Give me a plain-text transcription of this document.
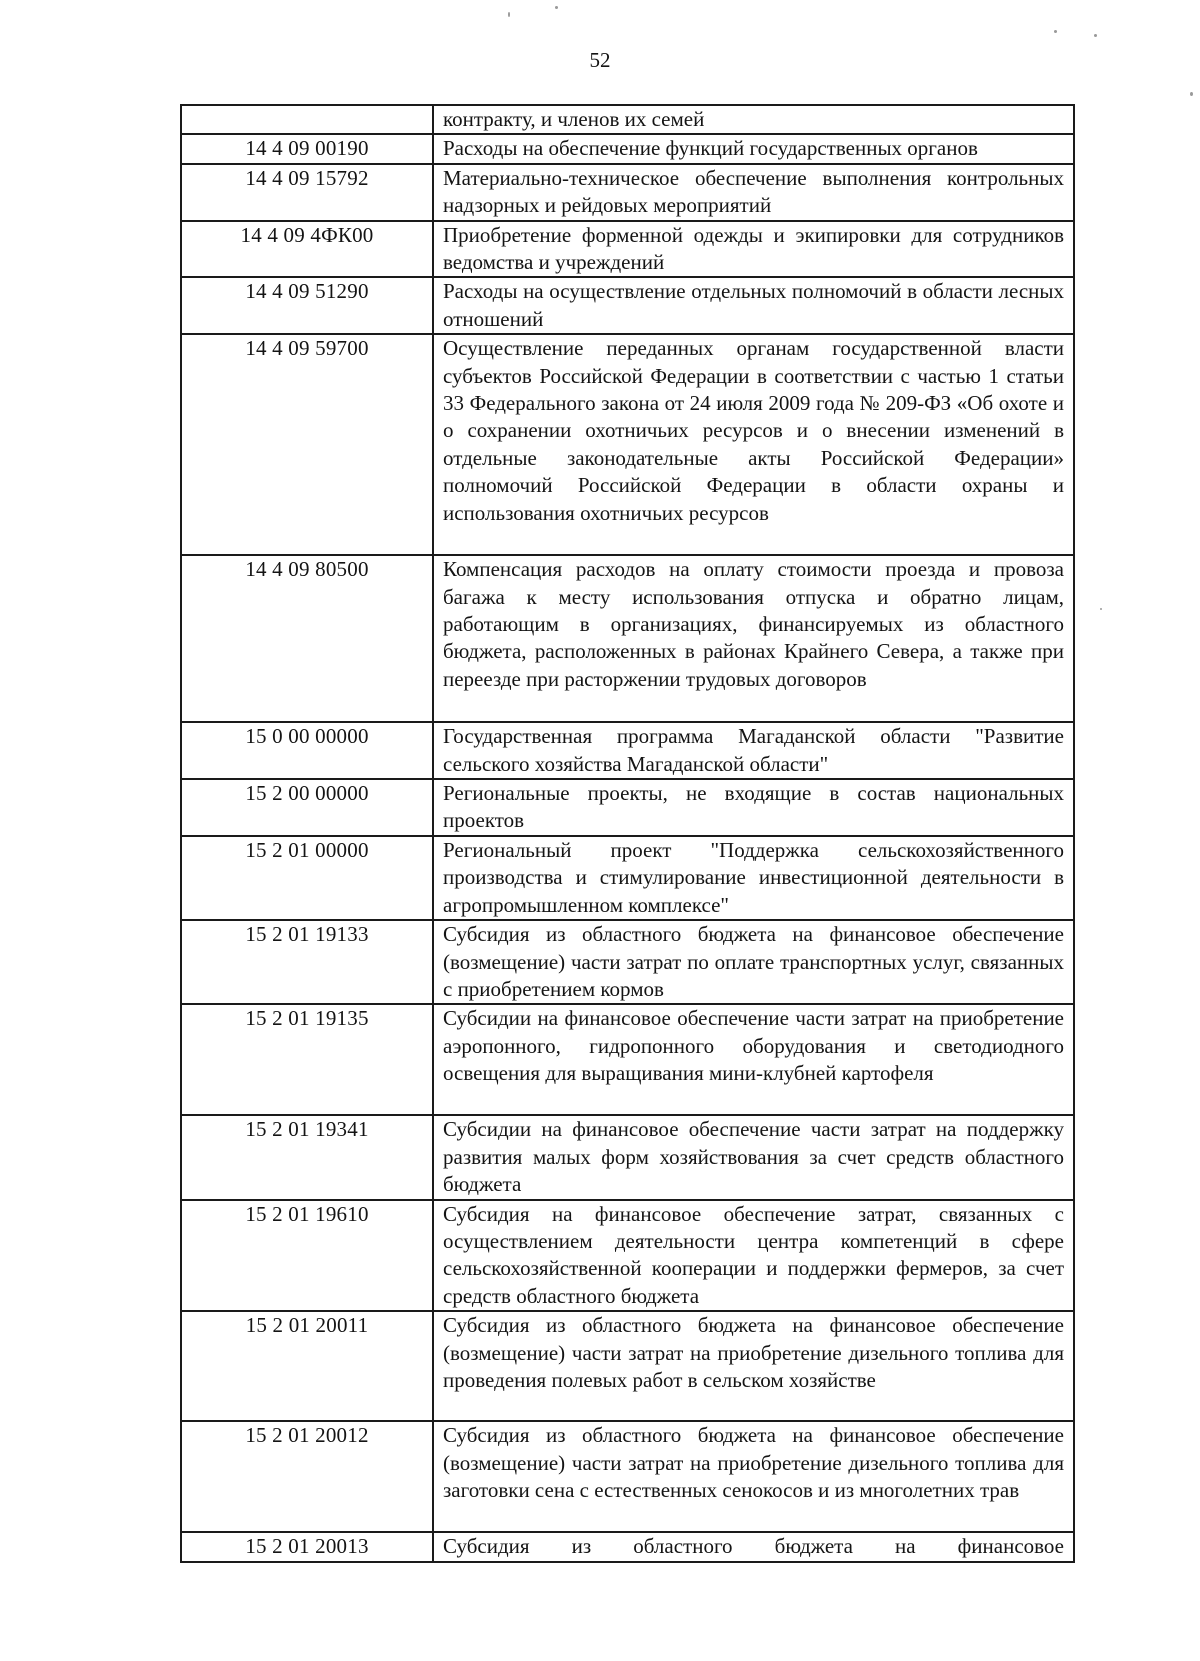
52

	контракту, и членов их семей

14 4 09 00190	Расходы на обеспечение функций государственных органов

14 4 09 15792	Материально-техническое обеспечение выполнения контрольных надзорных и рейдовых мероприятий

14 4 09 4ФК00	Приобретение форменной одежды и экипировки для сотрудников ведомства и учреждений

14 4 09 51290	Расходы на осуществление отдельных полномочий в области лесных отношений

14 4 09 59700	Осуществление переданных органам государственной власти субъектов Российской Федерации в соответствии с частью 1 статьи 33 Федерального закона от 24 июля 2009 года № 209-ФЗ «Об охоте и о сохранении охотничьих ресурсов и о внесении изменений в отдельные законодательные акты Российской Федерации» полномочий Российской Федерации в области охраны и использования охотничьих ресурсов

14 4 09 80500	Компенсация расходов на оплату стоимости проезда и провоза багажа к месту использования отпуска и обратно лицам, работающим в организациях, финансируемых из областного бюджета, расположенных в районах Крайнего Севера, а также при переезде при расторжении трудовых договоров

15 0 00 00000	Государственная программа Магаданской области "Развитие сельского хозяйства Магаданской области"

15 2 00 00000	Региональные проекты, не входящие в состав национальных проектов

15 2 01 00000	Региональный проект "Поддержка сельскохозяйственного производства и стимулирование инвестиционной деятельности в агропромышленном комплексе"

15 2 01 19133	Субсидия из областного бюджета на финансовое обеспечение (возмещение) части затрат по оплате транспортных услуг, связанных с приобретением кормов

15 2 01 19135	Субсидии на финансовое обеспечение части затрат на приобретение аэропонного, гидропонного оборудования и светодиодного освещения для выращивания мини-клубней картофеля

15 2 01 19341	Субсидии на финансовое обеспечение части затрат на поддержку развития малых форм хозяйствования за счет средств областного бюджета

15 2 01 19610	Субсидия на финансовое обеспечение затрат, связанных с осуществлением деятельности центра компетенций в сфере сельскохозяйственной кооперации и поддержки фермеров, за счет средств областного бюджета

15 2 01 20011	Субсидия из областного бюджета на финансовое обеспечение (возмещение) части затрат на приобретение дизельного топлива для проведения полевых работ в сельском хозяйстве

15 2 01 20012	Субсидия из областного бюджета на финансовое обеспечение (возмещение) части затрат на приобретение дизельного топлива для заготовки сена с естественных сенокосов и из многолетних трав

15 2 01 20013	Субсидия из областного бюджета на финансовое
